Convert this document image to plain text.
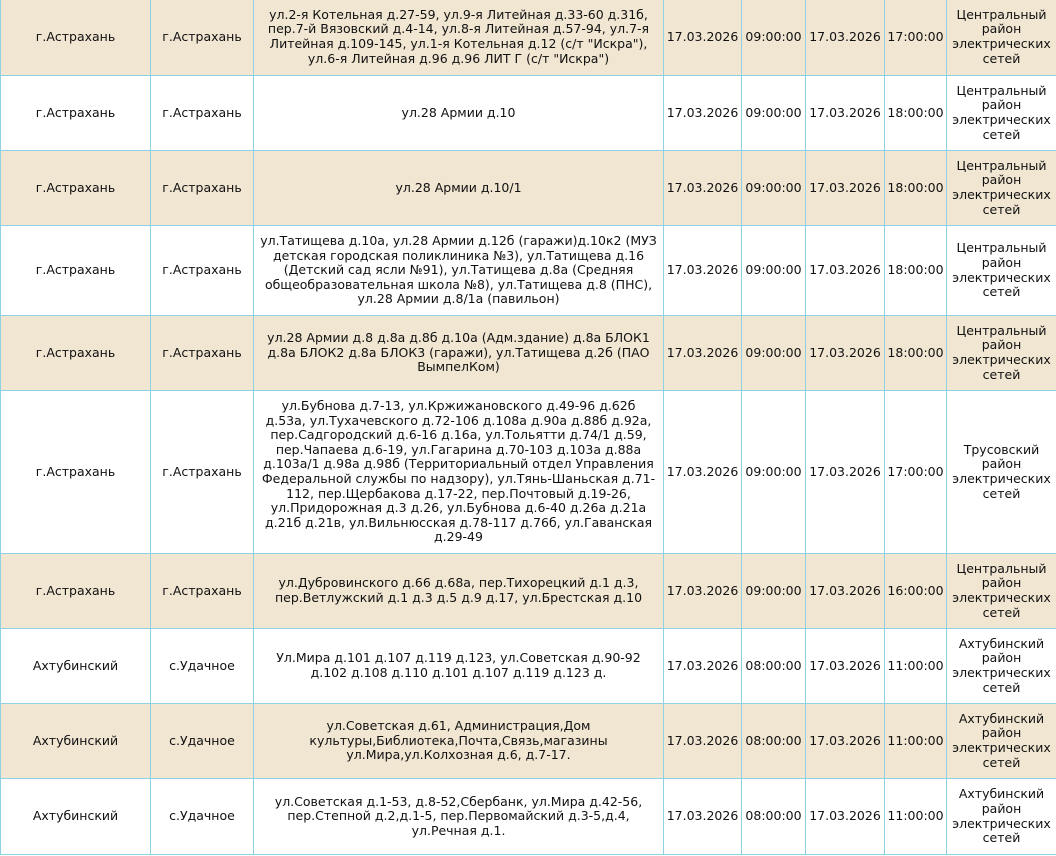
г.Астрахань	г.Астрахань	ул.2-я Котельная д.27-59, ул.9-я Литейная д.33-60 д.31б, пер.7-й Вязовский д.4-14, ул.8-я Литейная д.57-94, ул.7-я Литейная д.109-145, ул.1-я Котельная д.12 (с/т "Искра"), ул.6-я Литейная д.96 д.96 ЛИТ Г (с/т "Искра")	17.03.2026	09:00:00	17.03.2026	17:00:00	Центральный район электрических сетей
г.Астрахань	г.Астрахань	ул.28 Армии д.10	17.03.2026	09:00:00	17.03.2026	18:00:00	Центральный район электрических сетей
г.Астрахань	г.Астрахань	ул.28 Армии д.10/1	17.03.2026	09:00:00	17.03.2026	18:00:00	Центральный район электрических сетей
г.Астрахань	г.Астрахань	ул.Татищева д.10а, ул.28 Армии д.12б (гаражи)д.10к2 (МУЗ детская городская поликлиника №3), ул.Татищева д.16 (Детский сад ясли №91), ул.Татищева д.8а (Средняя общеобразовательная школа №8), ул.Татищева д.8 (ПНС), ул.28 Армии д.8/1а (павильон)	17.03.2026	09:00:00	17.03.2026	18:00:00	Центральный район электрических сетей
г.Астрахань	г.Астрахань	ул.28 Армии д.8 д.8а д.8б д.10а (Адм.здание) д.8а БЛОК1 д.8а БЛОК2 д.8а БЛОК3 (гаражи), ул.Татищева д.2б (ПАО ВымпелКом)	17.03.2026	09:00:00	17.03.2026	18:00:00	Центральный район электрических сетей
г.Астрахань	г.Астрахань	ул.Бубнова д.7-13, ул.Кржижановского д.49-96 д.62б д.53а, ул.Тухачевского д.72-106 д.108а д.90а д.88б д.92а, пер.Садгородский д.6-16 д.16а, ул.Тольятти д.74/1 д.59, пер.Чапаева д.6-19, ул.Гагарина д.70-103 д.103а д.88а д.103а/1 д.98а д.98б (Территориальный отдел Управления Федеральной службы по надзору), ул.Тянь-Шаньская д.71-112, пер.Щербакова д.17-22, пер.Почтовый д.19-26, ул.Придорожная д.3 д.26, ул.Бубнова д.6-40 д.26а д.21а д.21б д.21в, ул.Вильнюсская д.78-117 д.76б, ул.Гаванская д.29-49	17.03.2026	09:00:00	17.03.2026	17:00:00	Трусовский район электрических сетей
г.Астрахань	г.Астрахань	ул.Дубровинского д.66 д.68а, пер.Тихорецкий д.1 д.3, пер.Ветлужский д.1 д.3 д.5 д.9 д.17, ул.Брестская д.10	17.03.2026	09:00:00	17.03.2026	16:00:00	Центральный район электрических сетей
Ахтубинский	с.Удачное	Ул.Мира д.101 д.107 д.119 д.123, ул.Советская д.90-92 д.102 д.108 д.110 д.101 д.107 д.119 д.123 д.	17.03.2026	08:00:00	17.03.2026	11:00:00	Ахтубинский район электрических сетей
Ахтубинский	с.Удачное	ул.Советская д.61, Администрация,Дом культуры,Библиотека,Почта,Связь,магазины ул.Мира,ул.Колхозная д.6, д.7-17.	17.03.2026	08:00:00	17.03.2026	11:00:00	Ахтубинский район электрических сетей
Ахтубинский	с.Удачное	ул.Советская д.1-53, д.8-52,Сбербанк, ул.Мира д.42-56, пер.Степной д.2,д.1-5, пер.Первомайский д.3-5,д.4, ул.Речная д.1.	17.03.2026	08:00:00	17.03.2026	11:00:00	Ахтубинский район электрических сетей
